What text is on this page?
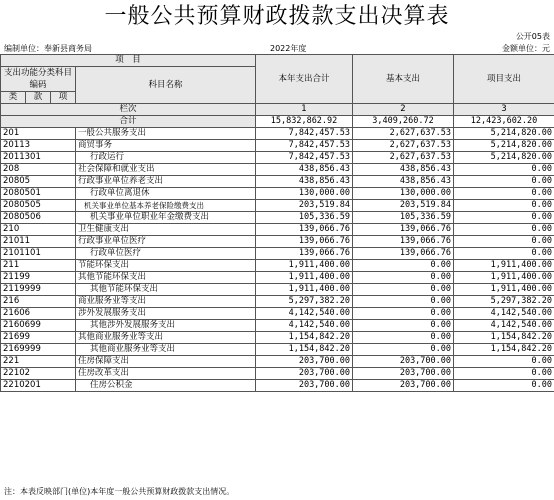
一般公共预算财政拨款支出决算表
公开05表
编制单位：奉新县商务局	2022年度	金额单位：元
项　目				本年支出合计	基本支出	项目支出
支出功能分类科目编码			科目名称			

类	款	项				
栏次				1	2	3
合计				15,832,862.92	3,409,260.72	12,423,602.20
201			一般公共服务支出	7,842,457.53	2,627,637.53	5,214,820.00
20113			商贸事务	7,842,457.53	2,627,637.53	5,214,820.00
2011301			行政运行	7,842,457.53	2,627,637.53	5,214,820.00
208			社会保障和就业支出	438,856.43	438,856.43	0.00
20805			行政事业单位养老支出	438,856.43	438,856.43	0.00
2080501			行政单位离退休	130,000.00	130,000.00	0.00
2080505			机关事业单位基本养老保险缴费支出	203,519.84	203,519.84	0.00
2080506			机关事业单位职业年金缴费支出	105,336.59	105,336.59	0.00
210			卫生健康支出	139,066.76	139,066.76	0.00
21011			行政事业单位医疗	139,066.76	139,066.76	0.00
2101101			行政单位医疗	139,066.76	139,066.76	0.00
211			节能环保支出	1,911,400.00	0.00	1,911,400.00
21199			其他节能环保支出	1,911,400.00	0.00	1,911,400.00
2119999			其他节能环保支出	1,911,400.00	0.00	1,911,400.00
216			商业服务业等支出	5,297,382.20	0.00	5,297,382.20
21606			涉外发展服务支出	4,142,540.00	0.00	4,142,540.00
2160699			其他涉外发展服务支出	4,142,540.00	0.00	4,142,540.00
21699			其他商业服务业等支出	1,154,842.20	0.00	1,154,842.20
2169999			其他商业服务业等支出	1,154,842.20	0.00	1,154,842.20
221			住房保障支出	203,700.00	203,700.00	0.00
22102			住房改革支出	203,700.00	203,700.00	0.00
2210201			住房公积金	203,700.00	203,700.00	0.00
注：本表反映部门(单位)本年度一般公共预算财政拨款支出情况。
